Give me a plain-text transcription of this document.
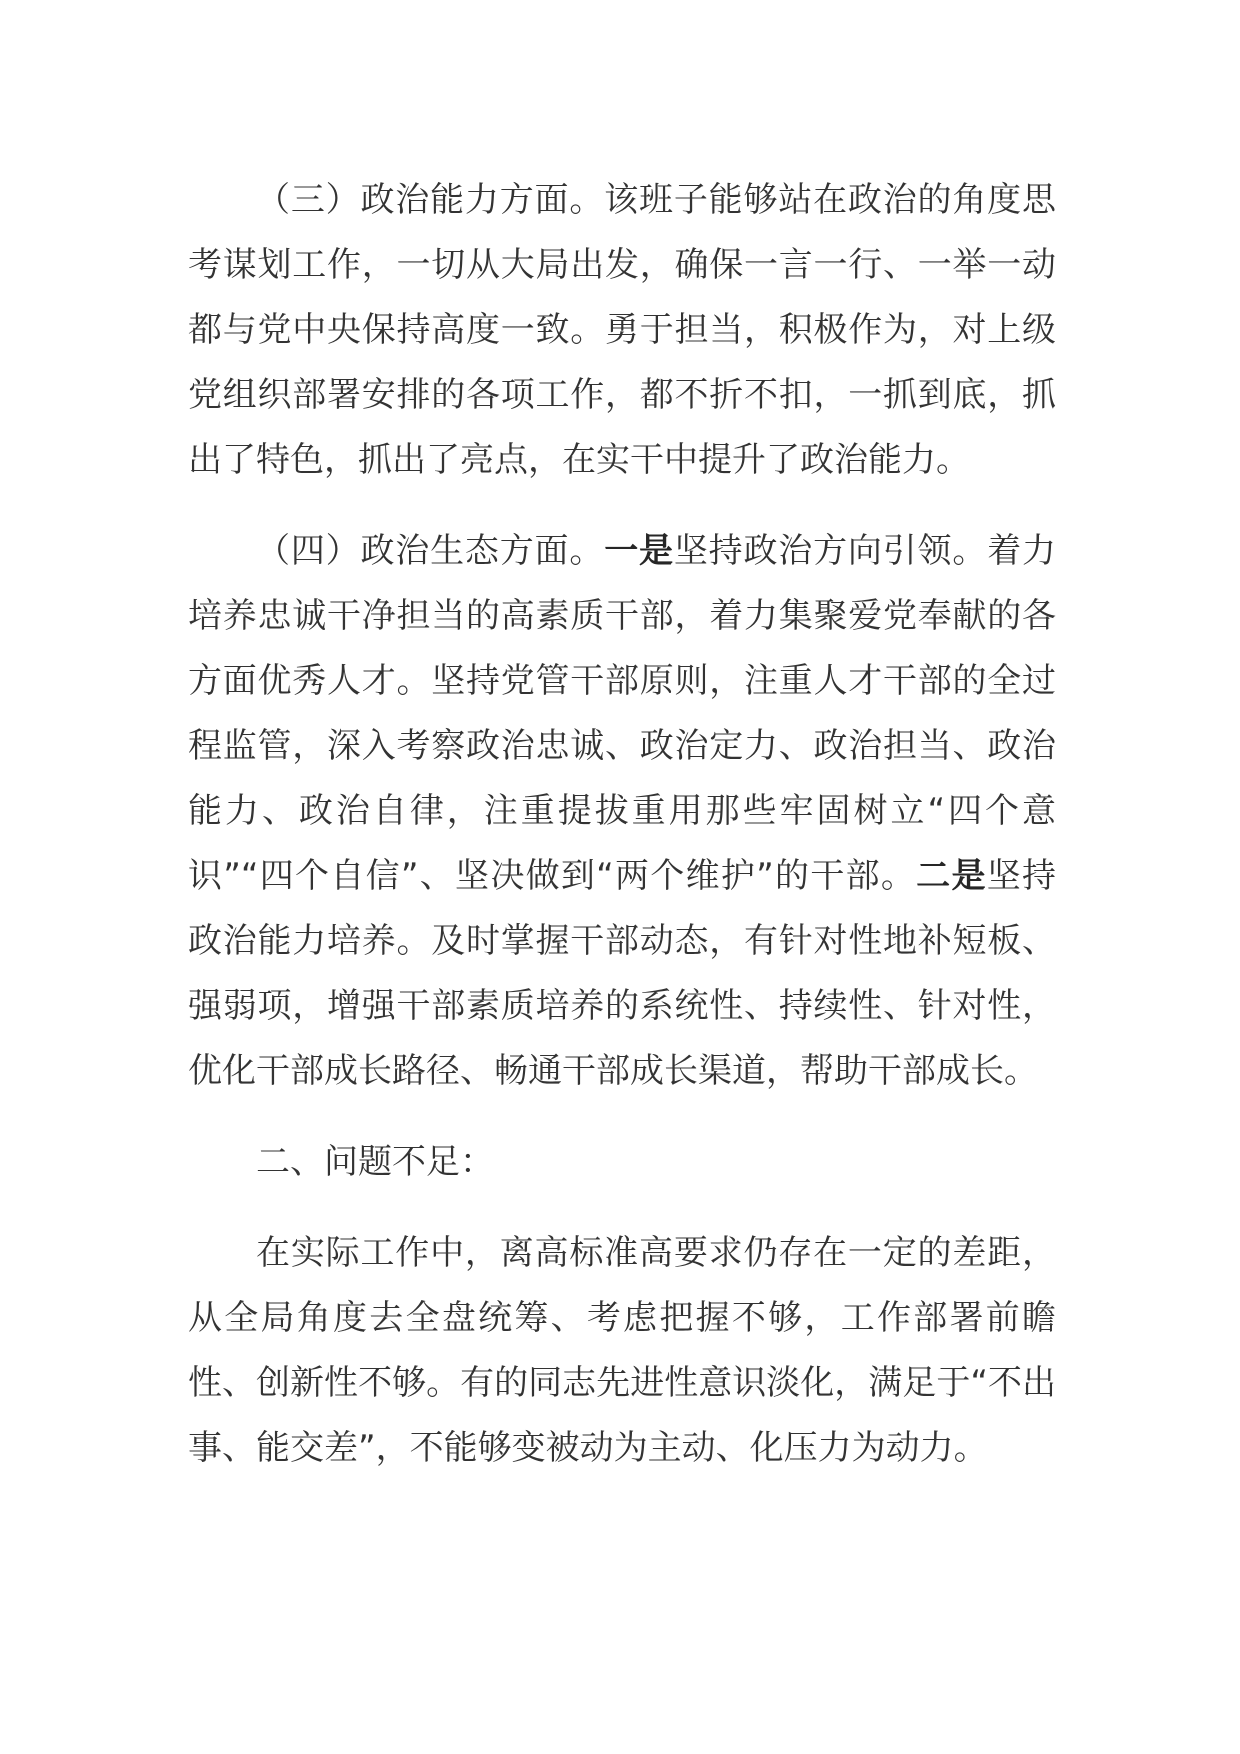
（三）政治能力方面。该班子能够站在政治的角度思考谋划工作，一切从大局出发，确保一言一行、一举一动都与党中央保持高度一致。勇于担当，积极作为，对上级党组织部署安排的各项工作，都不折不扣，一抓到底，抓出了特色，抓出了亮点，在实干中提升了政治能力。

（四）政治生态方面。一是坚持政治方向引领。着力培养忠诚干净担当的高素质干部，着力集聚爱党奉献的各方面优秀人才。坚持党管干部原则，注重人才干部的全过程监管，深入考察政治忠诚、政治定力、政治担当、政治能力、政治自律，注重提拔重用那些牢固树立“四个意识”“四个自信”、坚决做到“两个维护”的干部。二是坚持政治能力培养。及时掌握干部动态，有针对性地补短板、强弱项，增强干部素质培养的系统性、持续性、针对性，优化干部成长路径、畅通干部成长渠道，帮助干部成长。

二、问题不足：

在实际工作中，离高标准高要求仍存在一定的差距，从全局角度去全盘统筹、考虑把握不够，工作部署前瞻性、创新性不够。有的同志先进性意识淡化，满足于“不出事、能交差”，不能够变被动为主动、化压力为动力。
